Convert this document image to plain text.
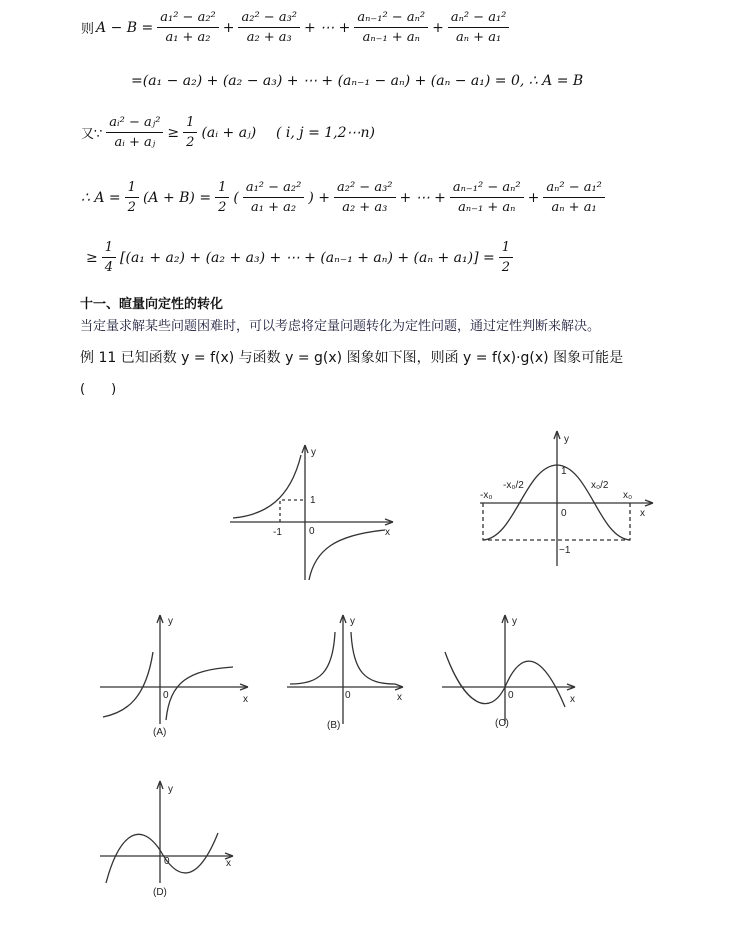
则 $A - B = \frac{\text{a₁² − a₂²}}{\text{a₁ + a₂}} + \frac{\text{a₂² − a₃²}}{\text{a₂ + a₃}}$ + ⋯ + $\frac{\text{aₙ₋₁² − aₙ²}}{\text{aₙ₋₁ + aₙ}} + \frac{\text{aₙ² − a₁²}}{\text{aₙ + a₁}}$
=(a₁ − a₂) + (a₂ − a₃) + ⋯ + (aₙ₋₁ − aₙ) + (aₙ − a₁) = 0, ∴ A = B
又∵ $\frac{\text{aᵢ² − aⱼ²}}{\text{aᵢ + aⱼ}} \ge \frac{1}{2}$ (aᵢ + aⱼ) ( i, j = 1,2⋯n)
∴ $A = \frac{1}{2} (A + B) = \frac{1}{2}$ ( $\frac{\text{a₁² − a₂²}}{\text{a₁ + a₂}}$ ) + $\frac{\text{a₂² − a₃²}}{\text{a₂ + a₃}}$ + ⋯ + $\frac{\text{aₙ₋₁² − aₙ²}}{\text{aₙ₋₁ + aₙ}} + \frac{\text{aₙ² − a₁²}}{\text{aₙ + a₁}}$
≥ $\frac{1}{4} [(a_1 + a_2) + (a_2 + a_3)$ + ⋯ + $(a_{n-1} + a_n) + (a_n + a_1)] = \frac{1}{2}$
十一、暄量向定性的转化
当定量求解某些问题困难时，可以考虑将定量问题转化为定性问题，通过定性判断来解决。
例 11 已知函数 y = f(x) 与函数 y = g(x) 图象如下图，则函 y = f(x)·g(x) 图象可能是
(　　)
y
x
1
-1	0
y
x
1
−1
0
-x₀
-x₀/2	x₀/2
x₀
y
x
0
(A)
y
x
0
(B)
y
x
0
(C)
y
x
0
(D)
